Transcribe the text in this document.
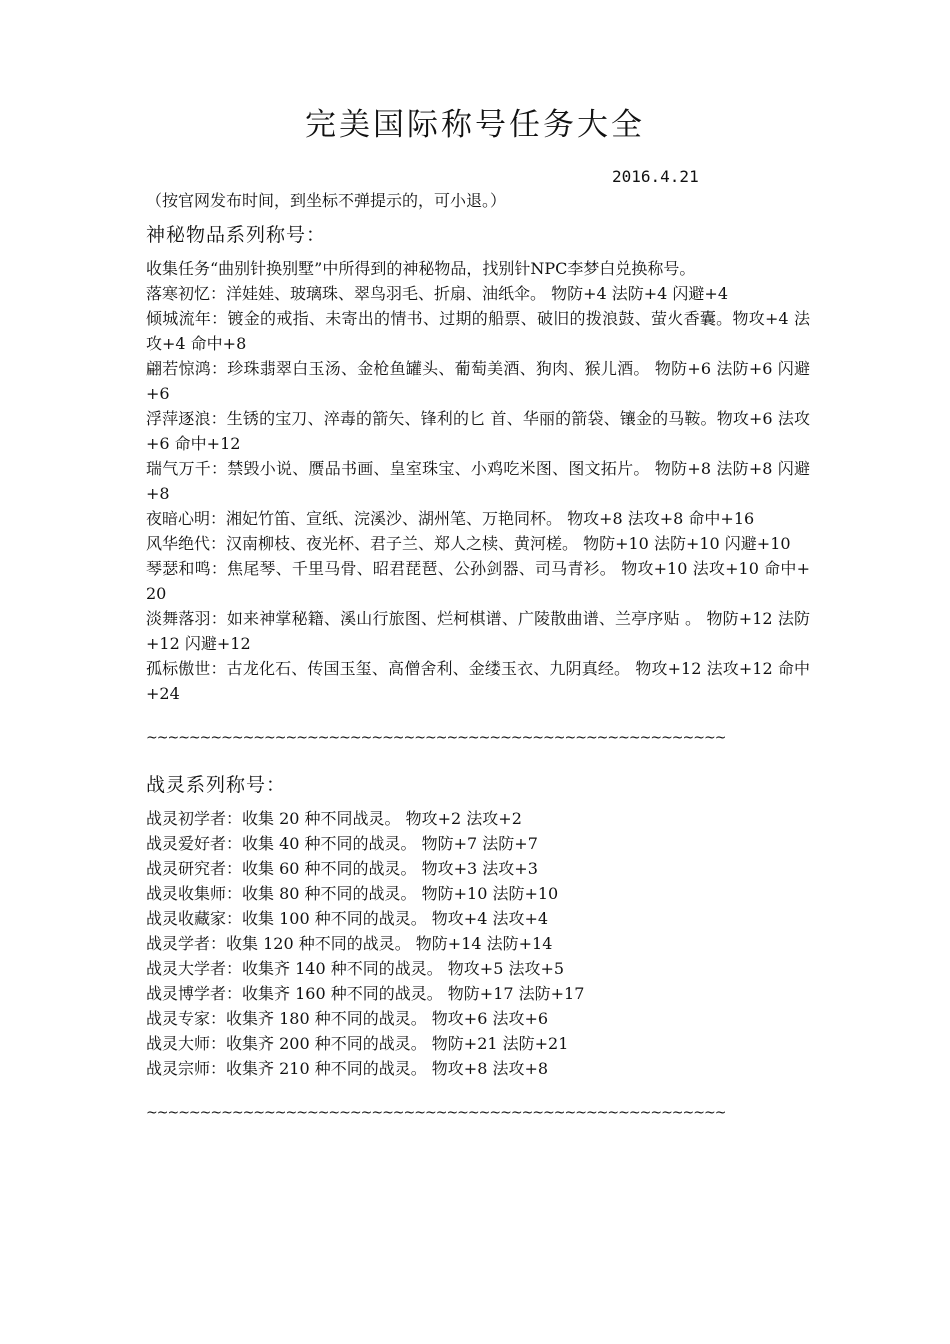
完美国际称号任务大全
2016.4.21
（按官网发布时间，到坐标不弹提示的，可小退。）
神秘物品系列称号：
收集任务“曲别针换别墅”中所得到的神秘物品，找别针NPC李梦白兑换称号。
落寒初忆：洋娃娃、玻璃珠、翠鸟羽毛、折扇、油纸伞。 物防+4 法防+4 闪避+4
倾城流年：镀金的戒指、未寄出的情书、过期的船票、破旧的拨浪鼓、萤火香囊。物攻+4 法攻+4 命中+8
翩若惊鸿：珍珠翡翠白玉汤、金枪鱼罐头、葡萄美酒、狗肉、猴儿酒。 物防+6 法防+6 闪避+6
浮萍逐浪：生锈的宝刀、淬毒的箭矢、锋利的匕 首、华丽的箭袋、镶金的马鞍。物攻+6 法攻+6 命中+12
瑞气万千：禁毁小说、赝品书画、皇室珠宝、小鸡吃米图、图文拓片。 物防+8 法防+8 闪避+8
夜暗心明：湘妃竹笛、宣纸、浣溪沙、湖州笔、万艳同杯。 物攻+8 法攻+8 命中+16
风华绝代：汉南柳枝、夜光杯、君子兰、郑人之椟、黄河槎。 物防+10 法防+10 闪避+10
琴瑟和鸣：焦尾琴、千里马骨、昭君琵琶、公孙剑器、司马青衫。 物攻+10 法攻+10 命中+20
淡舞落羽：如来神掌秘籍、溪山行旅图、烂柯棋谱、广陵散曲谱、兰亭序贴 。 物防+12 法防+12 闪避+12
孤标傲世：古龙化石、传国玉玺、高僧舍利、金缕玉衣、九阴真经。 物攻+12 法攻+12 命中+24
~~~~~~~~~~~~~~~~~~~~~~~~~~~~~~~~~~~~~~~~~~~~~~~~~~~~~~
战灵系列称号：
战灵初学者：收集 20 种不同战灵。 物攻+2 法攻+2
战灵爱好者：收集 40 种不同的战灵。 物防+7 法防+7
战灵研究者：收集 60 种不同的战灵。 物攻+3 法攻+3
战灵收集师：收集 80 种不同的战灵。 物防+10 法防+10
战灵收藏家：收集 100 种不同的战灵。 物攻+4 法攻+4
战灵学者：收集 120 种不同的战灵。 物防+14 法防+14
战灵大学者：收集齐 140 种不同的战灵。 物攻+5 法攻+5
战灵博学者：收集齐 160 种不同的战灵。 物防+17 法防+17
战灵专家：收集齐 180 种不同的战灵。 物攻+6 法攻+6
战灵大师：收集齐 200 种不同的战灵。 物防+21 法防+21
战灵宗师：收集齐 210 种不同的战灵。 物攻+8 法攻+8
~~~~~~~~~~~~~~~~~~~~~~~~~~~~~~~~~~~~~~~~~~~~~~~~~~~~~~
